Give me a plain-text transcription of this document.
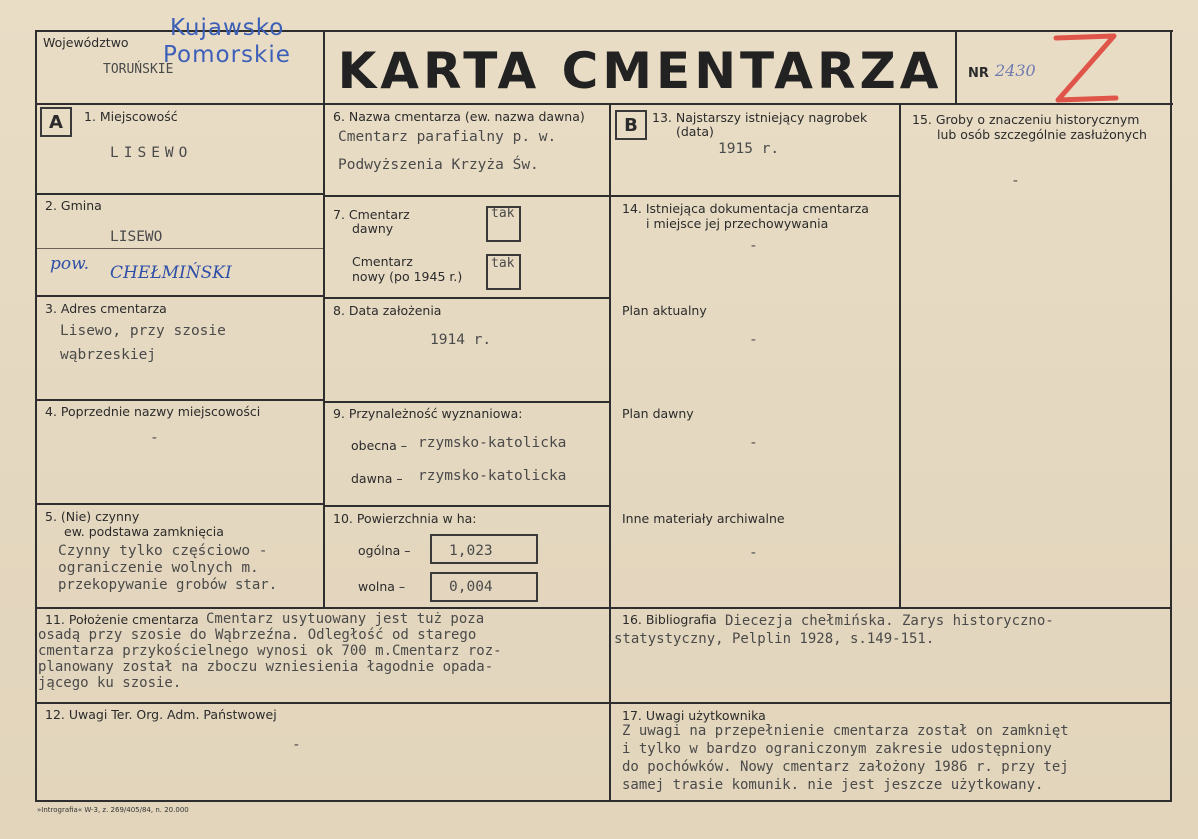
Województwo
TORUŃSKIE
Kujawsko
Pomorskie KARTA CMENTARZA	NR 2430
A	1. Miejscowość
LISEWO
2. Gmina
LISEWO
pow. CHEŁMIŃSKI
3. Adres cmentarza
Lisewo, przy szosie
wąbrzeskiej
4. Poprzednie nazwy miejscowości
-
5. (Nie) czynny
ew. podstawa zamknięcia
Czynny tylko częściowo -
ograniczenie wolnych m.
przekopywanie grobów star.
6. Nazwa cmentarza (ew. nazwa dawna)
Cmentarz parafialny p. w.
Podwyższenia Krzyża Św.
7. Cmentarz
dawny
tak
Cmentarz
nowy (po 1945 r.)
tak
8. Data założenia
1914 r.
9. Przynależność wyznaniowa:
obecna – rzymsko-katolicka
dawna – rzymsko-katolicka
10. Powierzchnia w ha:
ogólna –	1,023
wolna –	0,004
B	13. Najstarszy istniejący nagrobek
(data)
1915 r.
14. Istniejąca dokumentacja cmentarza
i miejsce jej przechowywania
-
Plan aktualny
-
Plan dawny
-
Inne materiały archiwalne
-
15. Groby o znaczeniu historycznym
lub osób szczególnie zasłużonych
-
11. Położenie cmentarza Cmentarz usytuowany jest tuż poza
osadą przy szosie do Wąbrzeźna. Odległość od starego
cmentarza przykościelnego wynosi ok 700 m.Cmentarz roz-
planowany został na zboczu wzniesienia łagodnie opada-
jącego ku szosie.
16. Bibliografia Diecezja chełmińska. Zarys historyczno-
statystyczny, Pelplin 1928, s.149-151.
12. Uwagi Ter. Org. Adm. Państwowej
-
17. Uwagi użytkownika
Z uwagi na przepełnienie cmentarza został on zamknięt
i tylko w bardzo ograniczonym zakresie udostępniony
do pochówków. Nowy cmentarz założony 1986 r. przy tej
samej trasie komunik. nie jest jeszcze użytkowany.
»Intrografia« W-3, z. 269/405/84, n. 20.000
